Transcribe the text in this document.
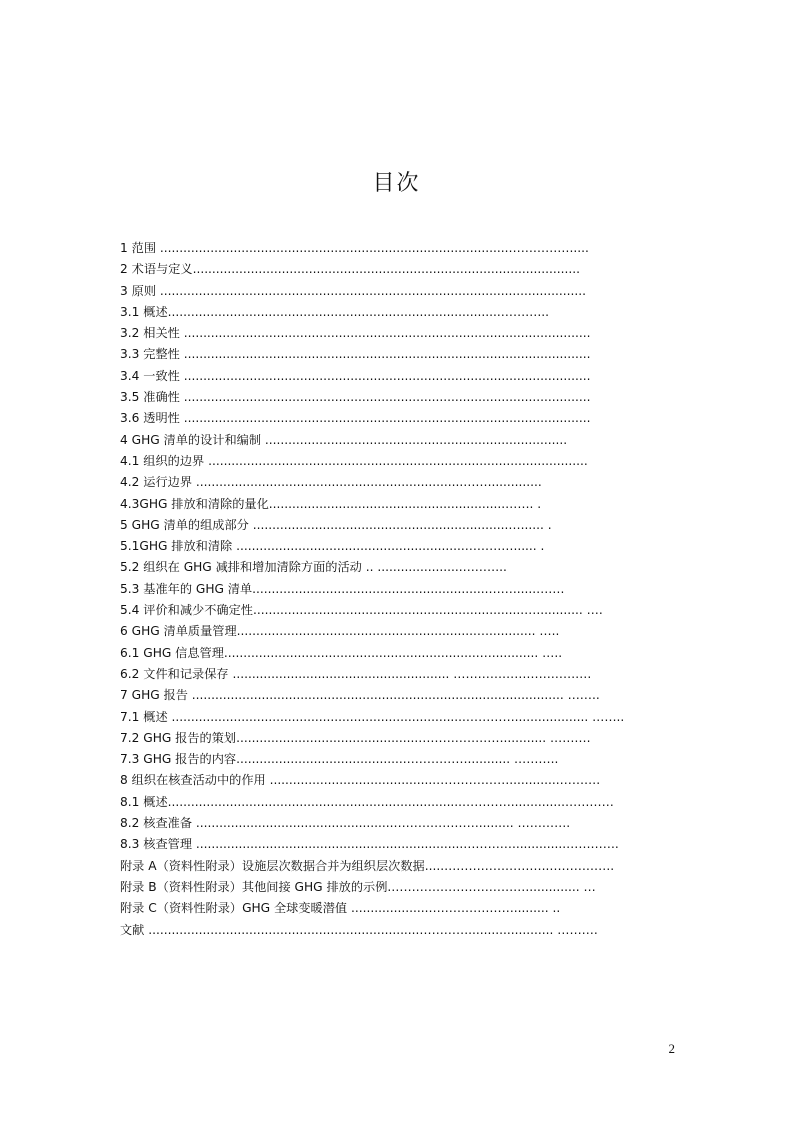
目次
1 范围 ..........................................................................................…………….....
2 术语与定义....................................................................................................
3 原则 ..............................................................................................................
3.1 概述......................................................................................………...
3.2 相关性 .........................................................................................................
3.3 完整性 .........................................................................................................
3.4 一致性 .........................................................................................................
3.5 准确性 .........................................................................................................
3.6 透明性 .........................................................................................................
4 GHG 清单的设计和编制 ..............................................................................
4.1 组织的边界 ..................................................................................................
4.2 运行边界 .....................................................................……..............
4.3GHG 排放和清除的量化.............................................................……. .
5 GHG 清单的组成部分 ..................................................................…...... .
5.1GHG 排放和清除 ...........................................................…………...... .
5.2 组织在 GHG 减排和增加清除方面的活动 .. ......................………..
5.3 基准年的 GHG 清单.............................................................……......…….
5.4 评价和减少不确定性......................................................................…............ ….
6 GHG 清单质量管理..............................................................…............ …..
6.1 GHG 信息管理..................................................................…............ …..
6.2 文件和记录保存 ........................................................ …………………………….
7 GHG 报告 ................................................................................................ ……..
7.1 概述 ............................................................................…………................... ……..
7.2 GHG 报告的策划...............................................…………………........... ……….
7.3 GHG 报告的内容............................................……………........... ………..
8 组织在核查活动中的作用 ...........................................……………….............……….
8.1 概述............................................................................…………..............…………
8.2 核查准备 ...................................................…………………......... ………….
8.3 核查管理 .....................................................................…………..............………….
附录 A（资料性附录）设施层次数据合并为组织层次数据.....……………………..…………….
附录 B（资料性附录）其他间接 GHG 排放的示例.…………………………….............. …
附录 C（资料性附录）GHG 全球变暖潜值 ....................…………………......... ..
文献 ......................................................................…………...................... ……….
2
